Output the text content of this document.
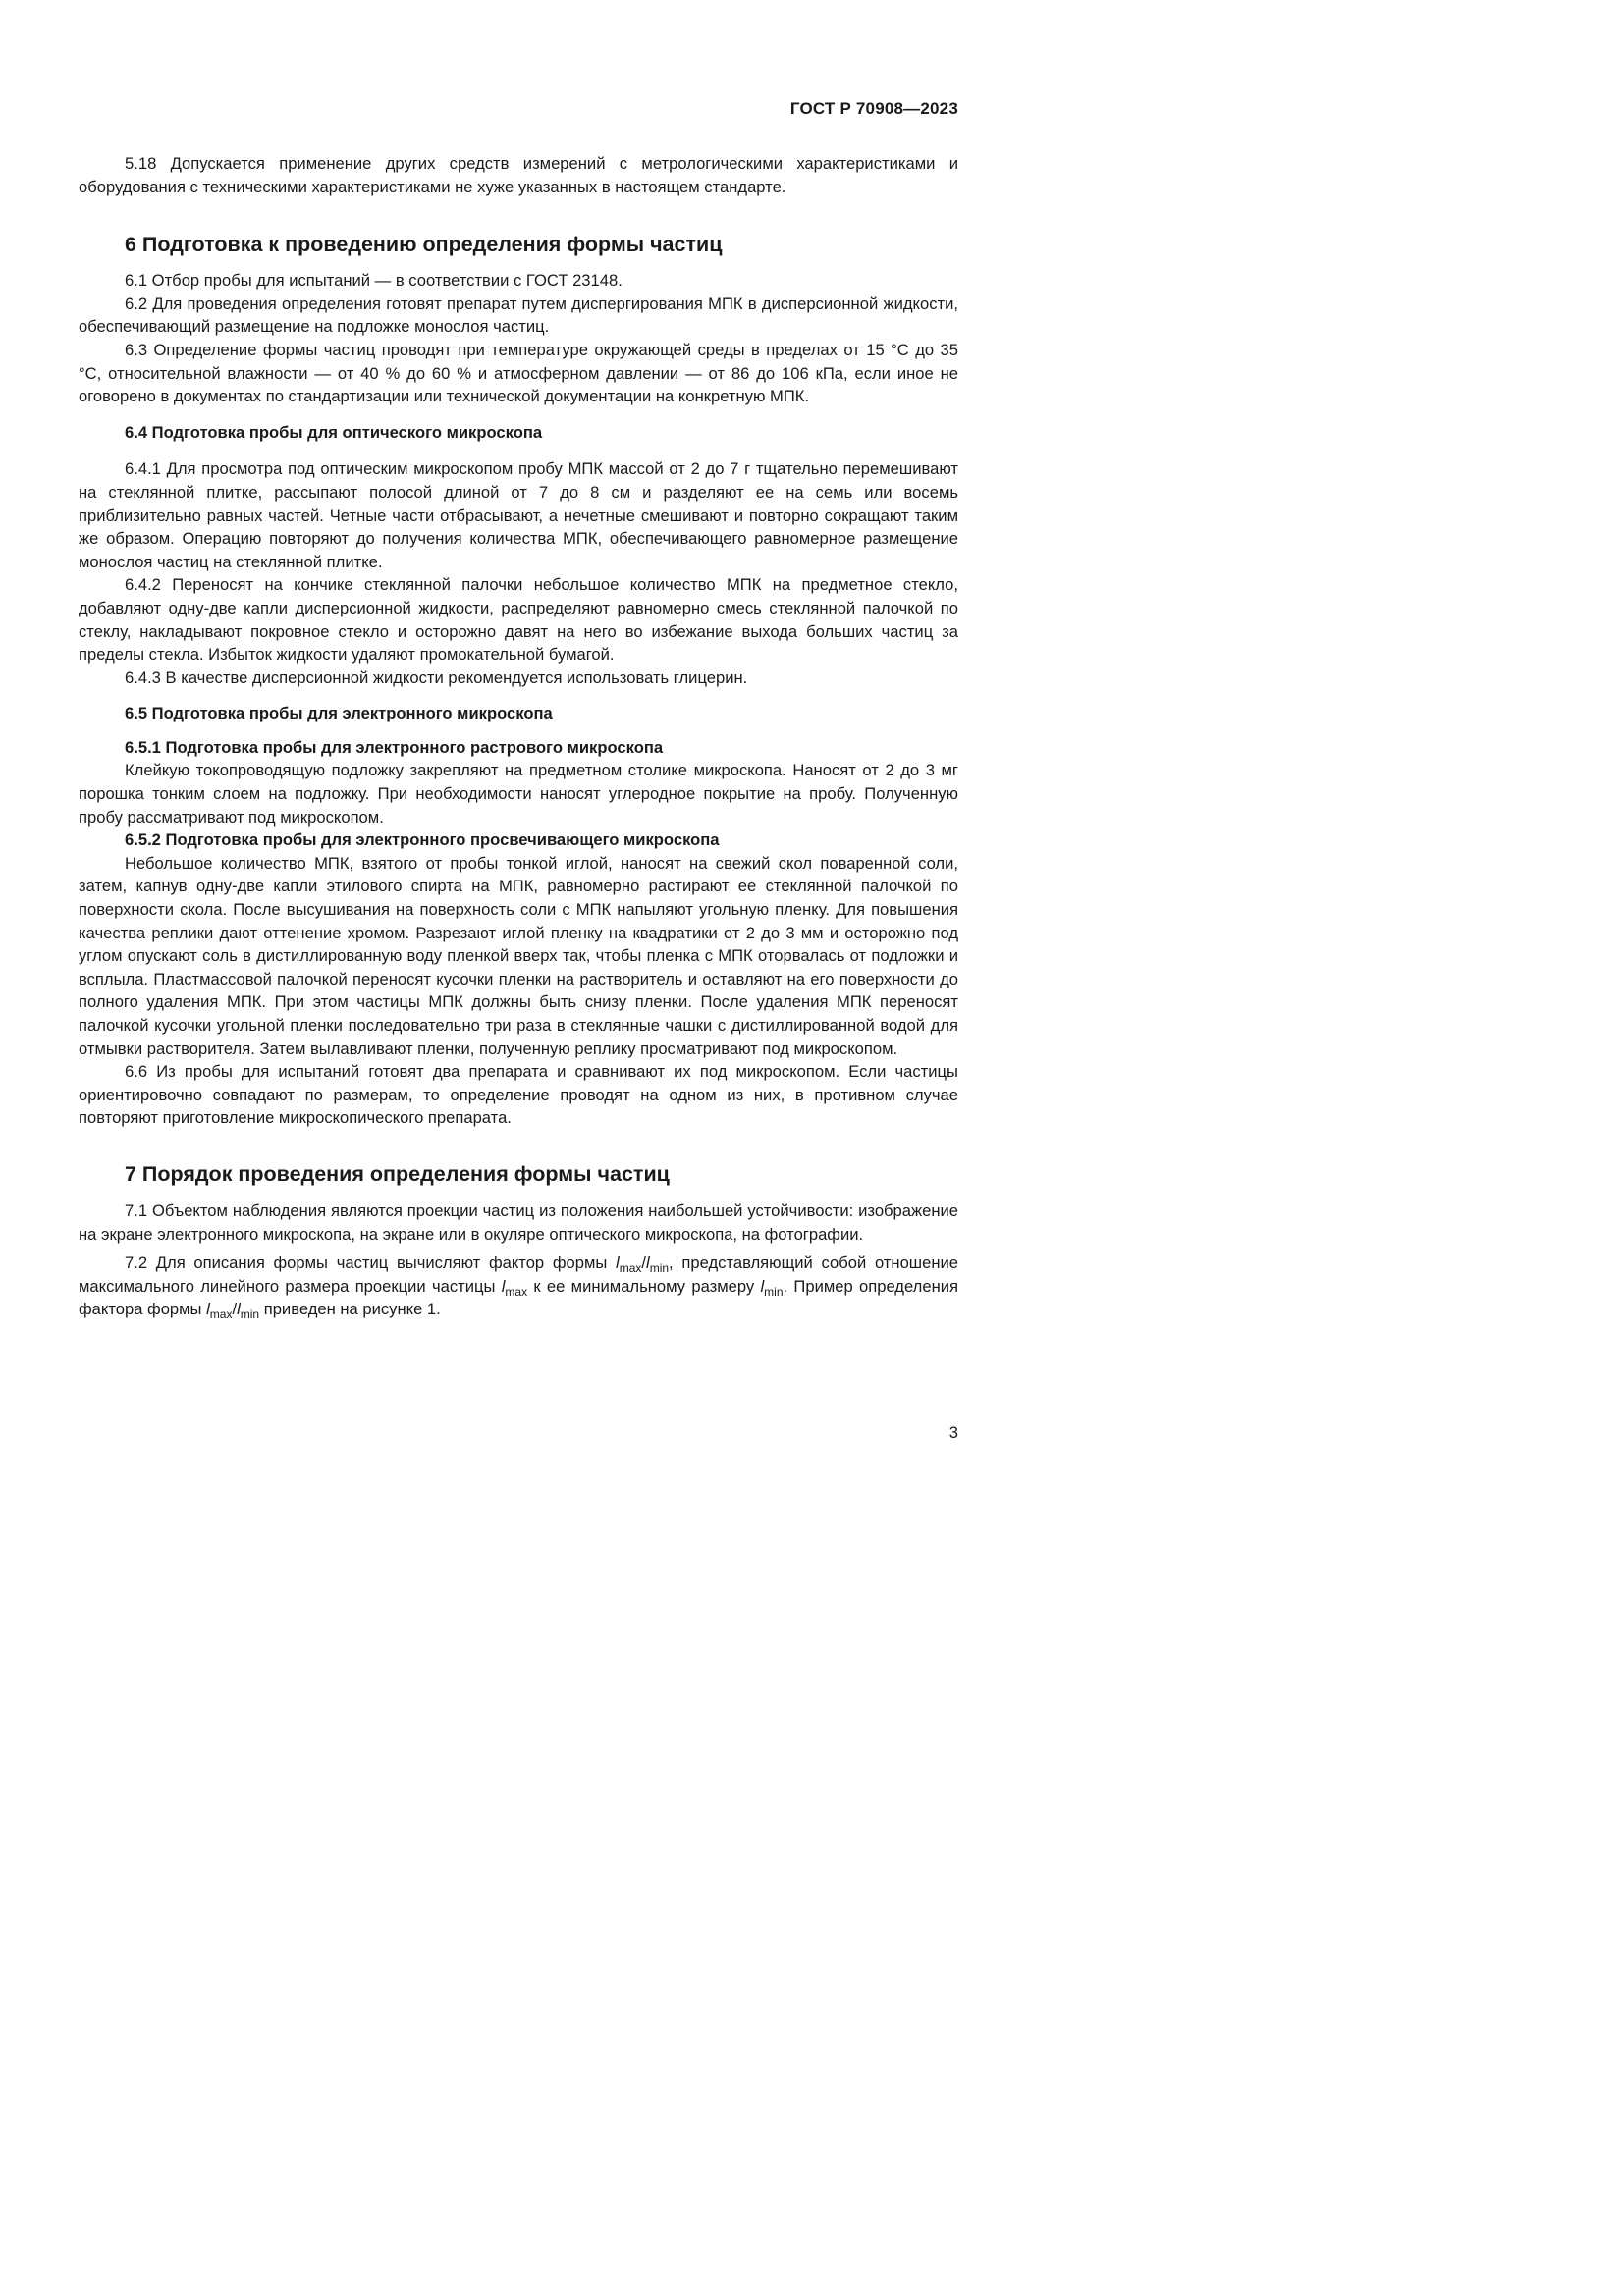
ГОСТ Р 70908—2023

5.18 Допускается применение других средств измерений с метрологическими характеристиками и оборудования с техническими характеристиками не хуже указанных в настоящем стандарте.

6 Подготовка к проведению определения формы частиц

6.1 Отбор пробы для испытаний — в соответствии с ГОСТ 23148.

6.2 Для проведения определения готовят препарат путем диспергирования МПК в дисперсионной жидкости, обеспечивающий размещение на подложке монослоя частиц.

6.3 Определение формы частиц проводят при температуре окружающей среды в пределах от 15 °С до 35 °С, относительной влажности — от 40 % до 60 % и атмосферном давлении — от 86 до 106 кПа, если иное не оговорено в документах по стандартизации или технической документации на конкретную МПК.

6.4 Подготовка пробы для оптического микроскопа

6.4.1 Для просмотра под оптическим микроскопом пробу МПК массой от 2 до 7 г тщательно перемешивают на стеклянной плитке, рассыпают полосой длиной от 7 до 8 см и разделяют ее на семь или восемь приблизительно равных частей. Четные части отбрасывают, а нечетные смешивают и повторно сокращают таким же образом. Операцию повторяют до получения количества МПК, обеспечивающего равномерное размещение монослоя частиц на стеклянной плитке.

6.4.2 Переносят на кончике стеклянной палочки небольшое количество МПК на предметное стекло, добавляют одну-две капли дисперсионной жидкости, распределяют равномерно смесь стеклянной палочкой по стеклу, накладывают покровное стекло и осторожно давят на него во избежание выхода больших частиц за пределы стекла. Избыток жидкости удаляют промокательной бумагой.

6.4.3 В качестве дисперсионной жидкости рекомендуется использовать глицерин.

6.5 Подготовка пробы для электронного микроскопа
6.5.1 Подготовка пробы для электронного растрового микроскопа

Клейкую токопроводящую подложку закрепляют на предметном столике микроскопа. Наносят от 2 до 3 мг порошка тонким слоем на подложку. При необходимости наносят углеродное покрытие на пробу. Полученную пробу рассматривают под микроскопом.

6.5.2 Подготовка пробы для электронного просвечивающего микроскопа

Небольшое количество МПК, взятого от пробы тонкой иглой, наносят на свежий скол поваренной соли, затем, капнув одну-две капли этилового спирта на МПК, равномерно растирают ее стеклянной палочкой по поверхности скола. После высушивания на поверхность соли с МПК напыляют угольную пленку. Для повышения качества реплики дают оттенение хромом. Разрезают иглой пленку на квадратики от 2 до 3 мм и осторожно под углом опускают соль в дистиллированную воду пленкой вверх так, чтобы пленка с МПК оторвалась от подложки и всплыла. Пластмассовой палочкой переносят кусочки пленки на растворитель и оставляют на его поверхности до полного удаления МПК. При этом частицы МПК должны быть снизу пленки. После удаления МПК переносят палочкой кусочки угольной пленки последовательно три раза в стеклянные чашки с дистиллированной водой для отмывки растворителя. Затем вылавливают пленки, полученную реплику просматривают под микроскопом.

6.6 Из пробы для испытаний готовят два препарата и сравнивают их под микроскопом. Если частицы ориентировочно совпадают по размерам, то определение проводят на одном из них, в противном случае повторяют приготовление микроскопического препарата.

7 Порядок проведения определения формы частиц

7.1 Объектом наблюдения являются проекции частиц из положения наибольшей устойчивости: изображение на экране электронного микроскопа, на экране или в окуляре оптического микроскопа, на фотографии.

7.2 Для описания формы частиц вычисляют фактор формы $l_{max}/l_{min}$, представляющий собой отношение максимального линейного размера проекции частицы $l_{max}$ к ее минимальному размеру $l_{min}$. Пример определения фактора формы $l_{max}/l_{min}$ приведен на рисунке 1.

3
